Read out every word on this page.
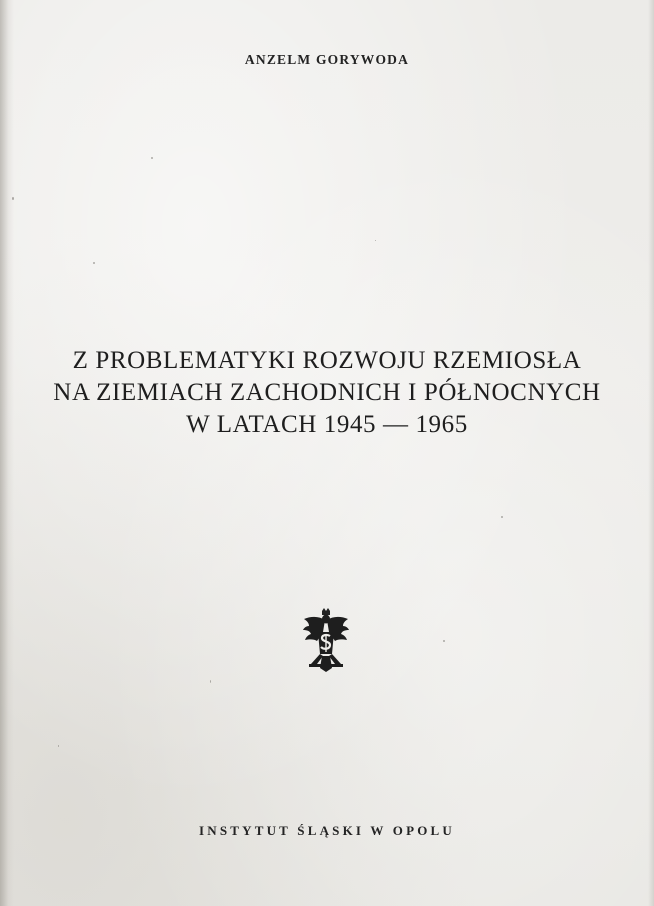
ANZELM GORYWODA
Z PROBLEMATYKI ROZWOJU RZEMIOSŁA
NA ZIEMIACH ZACHODNICH I PÓŁNOCNYCH
W LATACH 1945 — 1965
INSTYTUT ŚLĄSKI W OPOLU
